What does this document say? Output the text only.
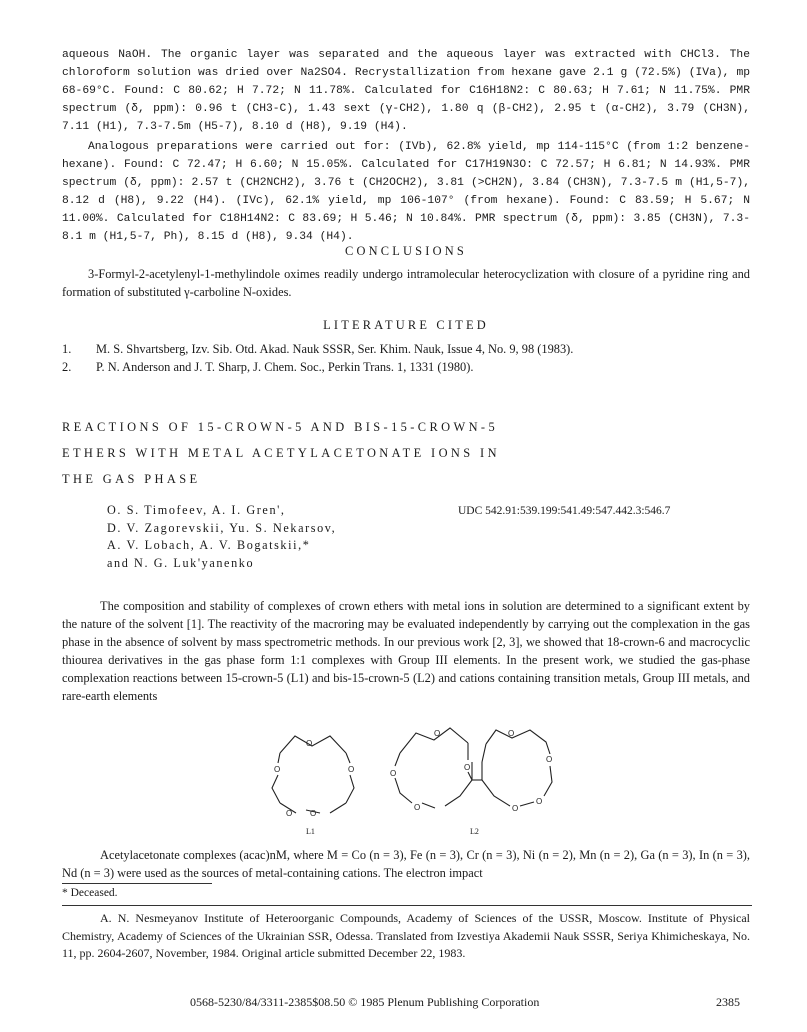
aqueous NaOH. The organic layer was separated and the aqueous layer was extracted with CHCl3. The chloroform solution was dried over Na2SO4. Recrystallization from hexane gave 2.1 g (72.5%) (IVa), mp 68-69°C. Found: C 80.62; H 7.72; N 11.78%. Calculated for C16H18N2: C 80.63; H 7.61; N 11.75%. PMR spectrum (δ, ppm): 0.96 t (CH3-C), 1.43 sext (γ-CH2), 1.80 q (β-CH2), 2.95 t (α-CH2), 3.79 (CH3N), 7.11 (H1), 7.3-7.5m (H5-7), 8.10 d (H8), 9.19 (H4).
Analogous preparations were carried out for: (IVb), 62.8% yield, mp 114-115°C (from 1:2 benzene-hexane). Found: C 72.47; H 6.60; N 15.05%. Calculated for C17H19N3O: C 72.57; H 6.81; N 14.93%. PMR spectrum (δ, ppm): 2.57 t (CH2NCH2), 3.76 t (CH2OCH2), 3.81 (>CH2N), 3.84 (CH3N), 7.3-7.5 m (H1,5-7), 8.12 d (H8), 9.22 (H4). (IVc), 62.1% yield, mp 106-107° (from hexane). Found: C 83.59; H 5.67; N 11.00%. Calculated for C18H14N2: C 83.69; H 5.46; N 10.84%. PMR spectrum (δ, ppm): 3.85 (CH3N), 7.3-8.1 m (H1,5-7, Ph), 8.15 d (H8), 9.34 (H4).
CONCLUSIONS
3-Formyl-2-acetylenyl-1-methylindole oximes readily undergo intramolecular heterocyclization with closure of a pyridine ring and formation of substituted γ-carboline N-oxides.
LITERATURE CITED
1.	M. S. Shvartsberg, Izv. Sib. Otd. Akad. Nauk SSSR, Ser. Khim. Nauk, Issue 4, No. 9, 98 (1983).
2.	P. N. Anderson and J. T. Sharp, J. Chem. Soc., Perkin Trans. 1, 1331 (1980).
REACTIONS OF 15-CROWN-5 AND BIS-15-CROWN-5
ETHERS WITH METAL ACETYLACETONATE IONS IN
THE GAS PHASE
O. S. Timofeev, A. I. Gren',
D. V. Zagorevskii, Yu. S. Nekarsov,
A. V. Lobach, A. V. Bogatskii,*
and N. G. Luk'yanenko
UDC 542.91:539.199:541.49:547.442.3:546.7
The composition and stability of complexes of crown ethers with metal ions in solution are determined to a significant extent by the nature of the solvent [1]. The reactivity of the macroring may be evaluated independently by carrying out the complexation in the gas phase in the absence of solvent by mass spectrometric methods. In our previous work [2, 3], we showed that 18-crown-6 and macrocyclic thiourea derivatives in the gas phase form 1:1 complexes with Group III elements. In the present work, we studied the gas-phase complexation reactions between 15-crown-5 (L1) and bis-15-crown-5 (L2) and cations containing transition metals, Group III metals, and rare-earth elements
O
O
O
O
O
O
O
O
O
O
O
O
O
L1	L2
Acetylacetonate complexes (acac)nM, where M = Co (n = 3), Fe (n = 3), Cr (n = 3), Ni (n = 2), Mn (n = 2), Ga (n = 3), In (n = 3), Nd (n = 3) were used as the sources of metal-containing cations. The electron impact
* Deceased.
A. N. Nesmeyanov Institute of Heteroorganic Compounds, Academy of Sciences of the USSR, Moscow. Institute of Physical Chemistry, Academy of Sciences of the Ukrainian SSR, Odessa. Translated from Izvestiya Akademii Nauk SSSR, Seriya Khimicheskaya, No. 11, pp. 2604-2607, November, 1984. Original article submitted December 22, 1983.
0568-5230/84/3311-2385$08.50 © 1985 Plenum Publishing Corporation	2385
